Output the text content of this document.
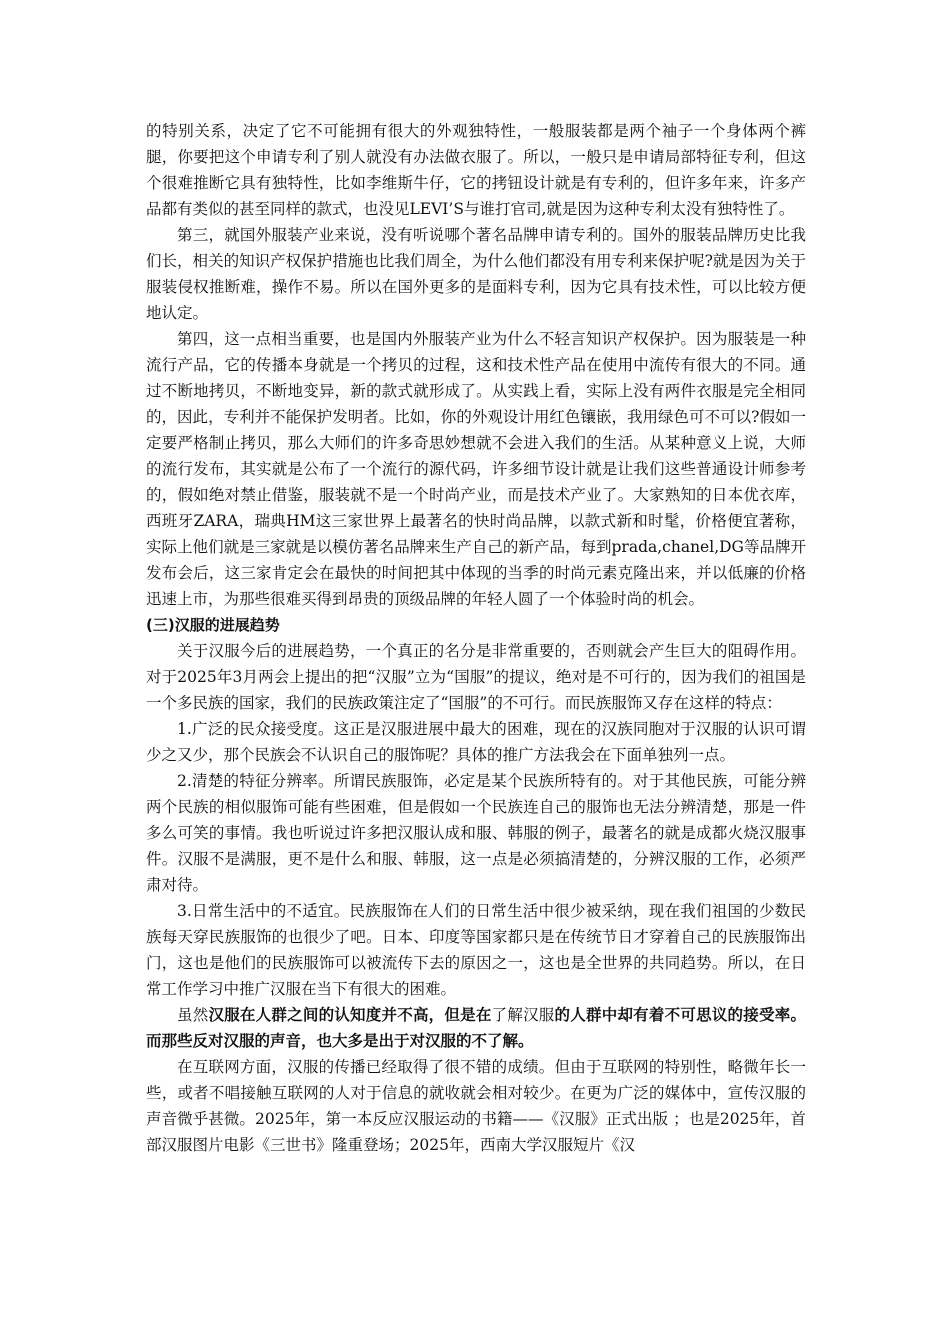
的特别关系，决定了它不可能拥有很大的外观独特性，一般服装都是两个袖子一个身体两个裤腿，你要把这个申请专利了别人就没有办法做衣服了。所以，一般只是申请局部特征专利，但这个很难推断它具有独特性，比如李维斯牛仔，它的拷钮设计就是有专利的，但许多年来，许多产品都有类似的甚至同样的款式，也没见LEVI’S与谁打官司,就是因为这种专利太没有独特性了。

第三，就国外服装产业来说，没有听说哪个著名品牌申请专利的。国外的服装品牌历史比我们长，相关的知识产权保护措施也比我们周全，为什么他们都没有用专利来保护呢?就是因为关于服装侵权推断难，操作不易。所以在国外更多的是面料专利，因为它具有技术性，可以比较方便地认定。

第四，这一点相当重要，也是国内外服装产业为什么不轻言知识产权保护。因为服装是一种流行产品，它的传播本身就是一个拷贝的过程，这和技术性产品在使用中流传有很大的不同。通过不断地拷贝，不断地变异，新的款式就形成了。从实践上看，实际上没有两件衣服是完全相同的，因此，专利并不能保护发明者。比如，你的外观设计用红色镶嵌，我用绿色可不可以?假如一定要严格制止拷贝，那么大师们的许多奇思妙想就不会进入我们的生活。从某种意义上说，大师的流行发布，其实就是公布了一个流行的源代码，许多细节设计就是让我们这些普通设计师参考的，假如绝对禁止借鉴，服装就不是一个时尚产业，而是技术产业了。大家熟知的日本优衣库，西班牙ZARA，瑞典HM这三家世界上最著名的快时尚品牌，以款式新和时髦，价格便宜著称，实际上他们就是三家就是以模仿著名品牌来生产自己的新产品，每到prada,chanel,DG等品牌开发布会后，这三家肯定会在最快的时间把其中体现的当季的时尚元素克隆出来，并以低廉的价格迅速上市，为那些很难买得到昂贵的顶级品牌的年轻人圆了一个体验时尚的机会。

(三)汉服的进展趋势

关于汉服今后的进展趋势，一个真正的名分是非常重要的，否则就会产生巨大的阻碍作用。对于2025年3月两会上提出的把“汉服”立为“国服”的提议，绝对是不可行的，因为我们的祖国是一个多民族的国家，我们的民族政策注定了“国服”的不可行。而民族服饰又存在这样的特点：

1.广泛的民众接受度。这正是汉服进展中最大的困难，现在的汉族同胞对于汉服的认识可谓少之又少，那个民族会不认识自己的服饰呢？具体的推广方法我会在下面单独列一点。

2.清楚的特征分辨率。所谓民族服饰，必定是某个民族所特有的。对于其他民族，可能分辨两个民族的相似服饰可能有些困难，但是假如一个民族连自己的服饰也无法分辨清楚，那是一件多么可笑的事情。我也听说过许多把汉服认成和服、韩服的例子，最著名的就是成都火烧汉服事件。汉服不是满服，更不是什么和服、韩服，这一点是必须搞清楚的，分辨汉服的工作，必须严肃对待。

3.日常生活中的不适宜。民族服饰在人们的日常生活中很少被采纳，现在我们祖国的少数民族每天穿民族服饰的也很少了吧。日本、印度等国家都只是在传统节日才穿着自己的民族服饰出门，这也是他们的民族服饰可以被流传下去的原因之一，这也是全世界的共同趋势。所以，在日常工作学习中推广汉服在当下有很大的困难。

虽然汉服在人群之间的认知度并不高，但是在了解汉服的人群中却有着不可思议的接受率。而那些反对汉服的声音，也大多是出于对汉服的不了解。

在互联网方面，汉服的传播已经取得了很不错的成绩。但由于互联网的特别性，略微年长一些，或者不唱接触互联网的人对于信息的就收就会相对较少。在更为广泛的媒体中，宣传汉服的声音微乎甚微。2025年，第一本反应汉服运动的书籍——《汉服》正式出版 ；也是2025年，首部汉服图片电影《三世书》隆重登场；2025年，西南大学汉服短片《汉
